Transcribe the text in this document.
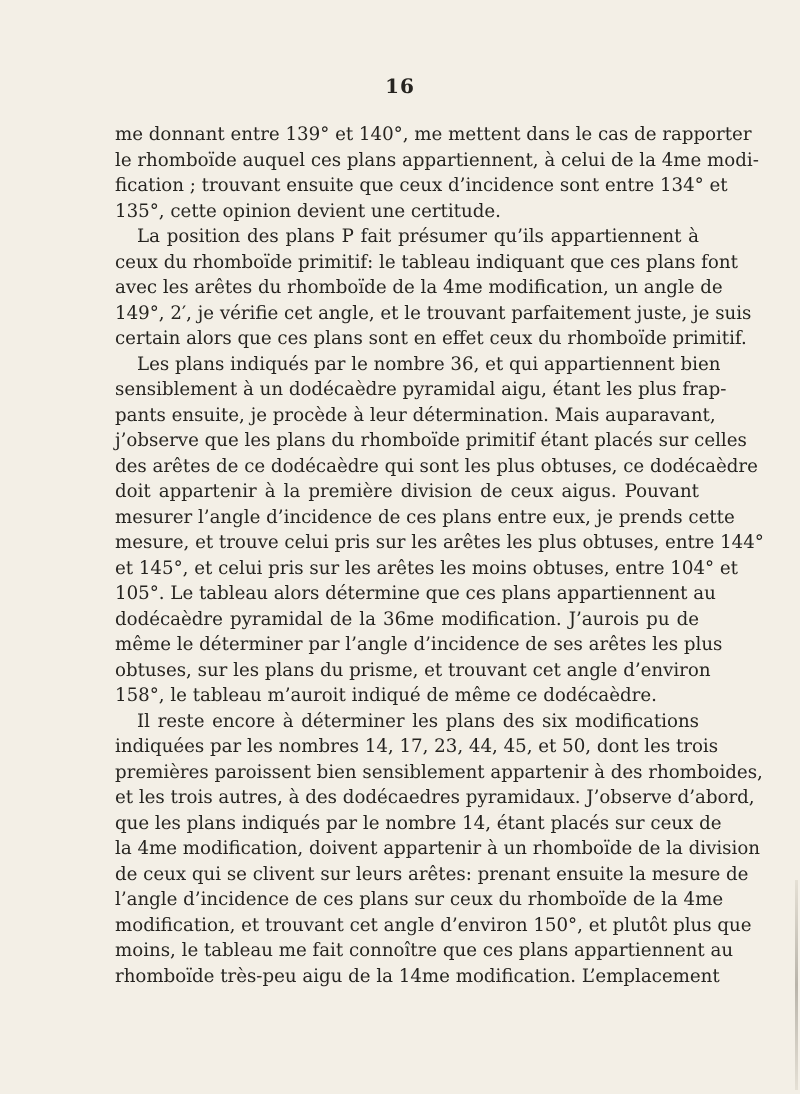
16
me donnant entre 139° et 140°, me mettent dans le cas de rapporter
le rhomboïde auquel ces plans appartiennent, à celui de la 4me modi-
fication ; trouvant ensuite que ceux d’incidence sont entre 134° et
135°, cette opinion devient une certitude.
La position des plans P fait présumer qu’ils appartiennent à
ceux du rhomboïde primitif: le tableau indiquant que ces plans font
avec les arêtes du rhomboïde de la 4me modification, un angle de
149°, 2′, je vérifie cet angle, et le trouvant parfaitement juste, je suis
certain alors que ces plans sont en effet ceux du rhomboïde primitif.
Les plans indiqués par le nombre 36, et qui appartiennent bien
sensiblement à un dodécaèdre pyramidal aigu, étant les plus frap-
pants ensuite, je procède à leur détermination. Mais auparavant,
j’observe que les plans du rhomboïde primitif étant placés sur celles
des arêtes de ce dodécaèdre qui sont les plus obtuses, ce dodécaèdre
doit appartenir à la première division de ceux aigus. Pouvant
mesurer l’angle d’incidence de ces plans entre eux, je prends cette
mesure, et trouve celui pris sur les arêtes les plus obtuses, entre 144°
et 145°, et celui pris sur les arêtes les moins obtuses, entre 104° et
105°. Le tableau alors détermine que ces plans appartiennent au
dodécaèdre pyramidal de la 36me modification. J’aurois pu de
même le déterminer par l’angle d’incidence de ses arêtes les plus
obtuses, sur les plans du prisme, et trouvant cet angle d’environ
158°, le tableau m’auroit indiqué de même ce dodécaèdre.
Il reste encore à déterminer les plans des six modifications
indiquées par les nombres 14, 17, 23, 44, 45, et 50, dont les trois
premières paroissent bien sensiblement appartenir à des rhomboides,
et les trois autres, à des dodécaedres pyramidaux. J’observe d’abord,
que les plans indiqués par le nombre 14, étant placés sur ceux de
la 4me modification, doivent appartenir à un rhomboïde de la division
de ceux qui se clivent sur leurs arêtes: prenant ensuite la mesure de
l’angle d’incidence de ces plans sur ceux du rhomboïde de la 4me
modification, et trouvant cet angle d’environ 150°, et plutôt plus que
moins, le tableau me fait connoître que ces plans appartiennent au
rhomboïde très-peu aigu de la 14me modification. L’emplacement
